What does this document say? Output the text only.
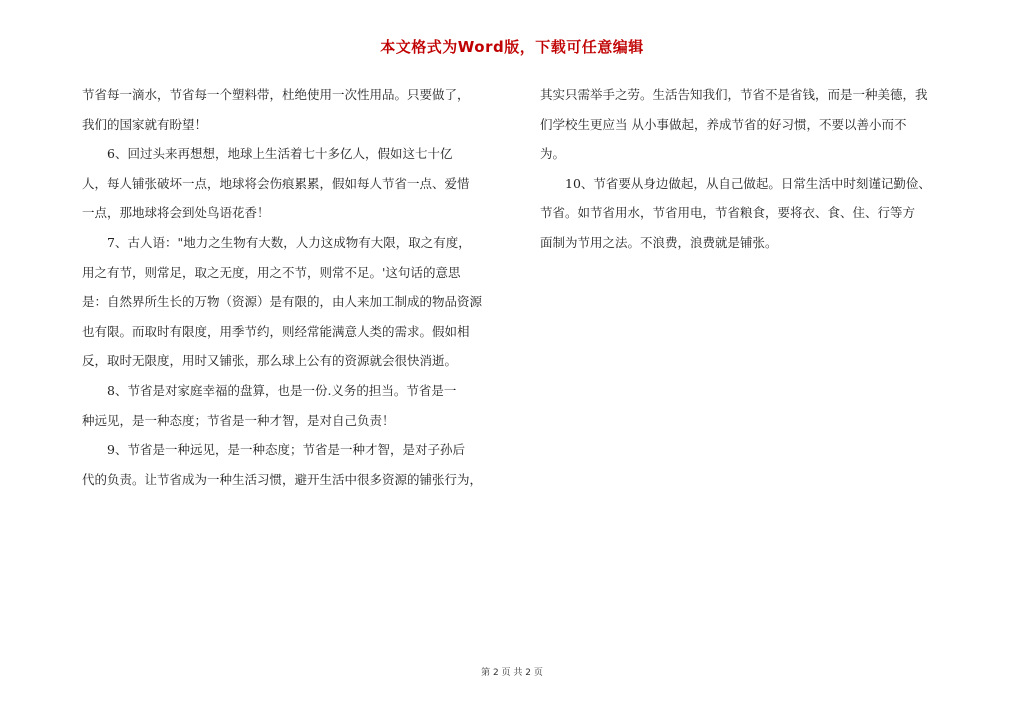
本文格式为Word版，下载可任意编辑

节省每一滴水，节省每一个塑料带，杜绝使用一次性用品。只要做了，

我们的国家就有盼望！

　　6、回过头来再想想，地球上生活着七十多亿人，假如这七十亿

人，每人铺张破坏一点，地球将会伤痕累累，假如每人节省一点、爱惜

一点，那地球将会到处鸟语花香！

　　7、古人语："地力之生物有大数，人力这成物有大限，取之有度，

用之有节，则常足，取之无度，用之不节，则常不足。'这句话的意思

是：自然界所生长的万物（资源）是有限的，由人来加工制成的物品资源

也有限。而取时有限度，用季节约，则经常能满意人类的需求。假如相

反，取时无限度，用时又铺张，那么球上公有的资源就会很快消逝。

　　8、节省是对家庭幸福的盘算，也是一份.义务的担当。节省是一

种远见，是一种态度；节省是一种才智，是对自己负责！

　　9、节省是一种远见，是一种态度；节省是一种才智，是对子孙后

代的负责。让节省成为一种生活习惯，避开生活中很多资源的铺张行为，

其实只需举手之劳。生活告知我们，节省不是省钱，而是一种美德，我

们学校生更应当 从小事做起，养成节省的好习惯，不要以善小而不

为。

　　10、节省要从身边做起，从自己做起。日常生活中时刻谨记勤俭、

节省。如节省用水，节省用电，节省粮食，要将衣、食、住、行等方

面制为节用之法。不浪费，浪费就是铺张。

第 2 页 共 2 页
